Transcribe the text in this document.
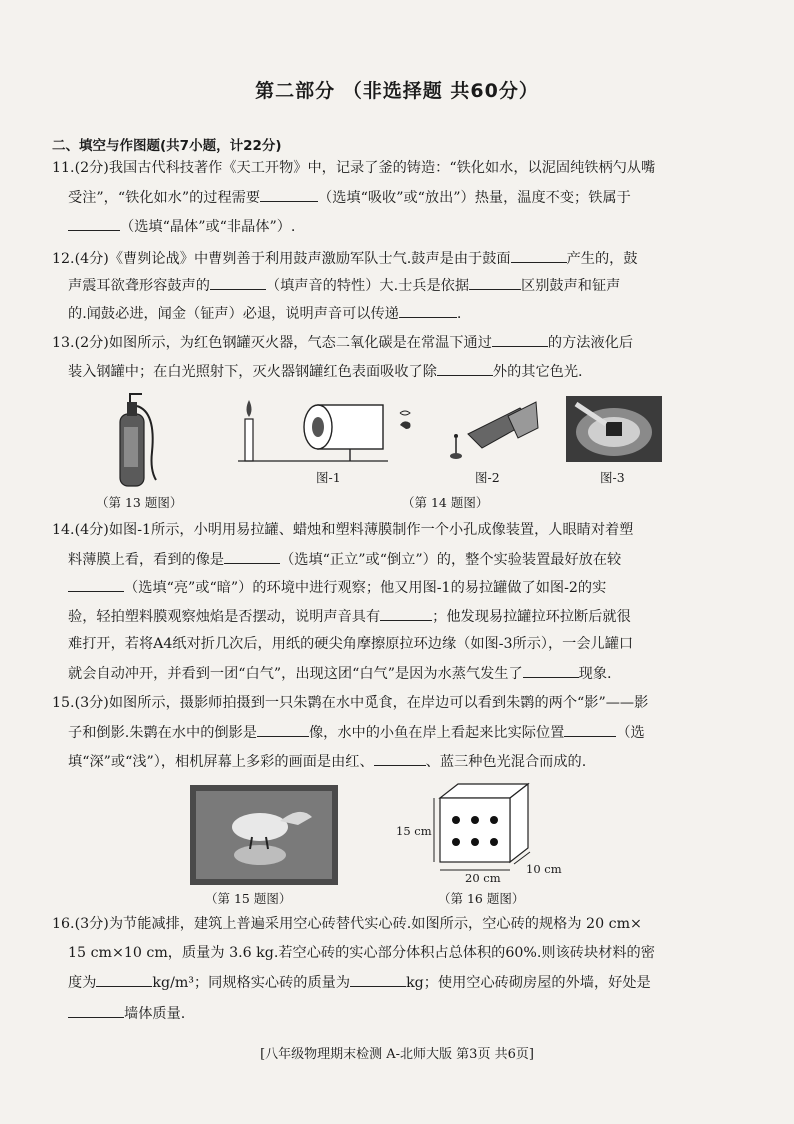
第二部分 （非选择题 共60分）
二、填空与作图题(共7小题，计22分)
11.(2分)我国古代科技著作《天工开物》中，记录了釜的铸造：“铁化如水，以泥固纯铁柄勺从嘴
受注”，“铁化如水”的过程需要	（选填“吸收”或“放出”）热量，温度不变；铁属于
（选填“晶体”或“非晶体”）.
12.(4分)《曹刿论战》中曹刿善于利用鼓声激励军队士气.鼓声是由于鼓面	产生的，鼓
声震耳欲聋形容鼓声的	（填声音的特性）大.士兵是依据	区别鼓声和钲声
的.闻鼓必进，闻金（钲声）必退，说明声音可以传递	.
13.(2分)如图所示，为红色钢罐灭火器，气态二氧化碳是在常温下通过	的方法液化后
装入钢罐中；在白光照射下，灭火器钢罐红色表面吸收了除	外的其它色光.
（第 13 题图）
图-1	图-2	图-3
（第 14 题图）
14.(4分)如图-1所示，小明用易拉罐、蜡烛和塑料薄膜制作一个小孔成像装置，人眼睛对着塑
料薄膜上看，看到的像是	（选填“正立”或“倒立”）的，整个实验装置最好放在较
（选填“亮”或“暗”）的环境中进行观察；他又用图-1的易拉罐做了如图-2的实
验，轻拍塑料膜观察烛焰是否摆动，说明声音具有	；他发现易拉罐拉环拉断后就很
难打开，若将A4纸对折几次后，用纸的硬尖角摩擦原拉环边缘（如图-3所示），一会儿罐口
就会自动冲开，并看到一团“白气”，出现这团“白气”是因为水蒸气发生了	现象.
15.(3分)如图所示，摄影师拍摄到一只朱鹮在水中觅食，在岸边可以看到朱鹮的两个“影”——影
子和倒影.朱鹮在水中的倒影是	像，水中的小鱼在岸上看起来比实际位置	（选
填“深”或“浅”），相机屏幕上多彩的画面是由红、	、蓝三种色光混合而成的.
（第 15 题图）
15 cm
20 cm
10 cm
（第 16 题图）
16.(3分)为节能减排，建筑上普遍采用空心砖替代实心砖.如图所示，空心砖的规格为 20 cm×
15 cm×10 cm，质量为 3.6 kg.若空心砖的实心部分体积占总体积的60%.则该砖块材料的密
度为	kg/m³；同规格实心砖的质量为	kg；使用空心砖砌房屋的外墙，好处是
墙体质量.
[八年级物理期末检测 A-北师大版 第3页 共6页]
